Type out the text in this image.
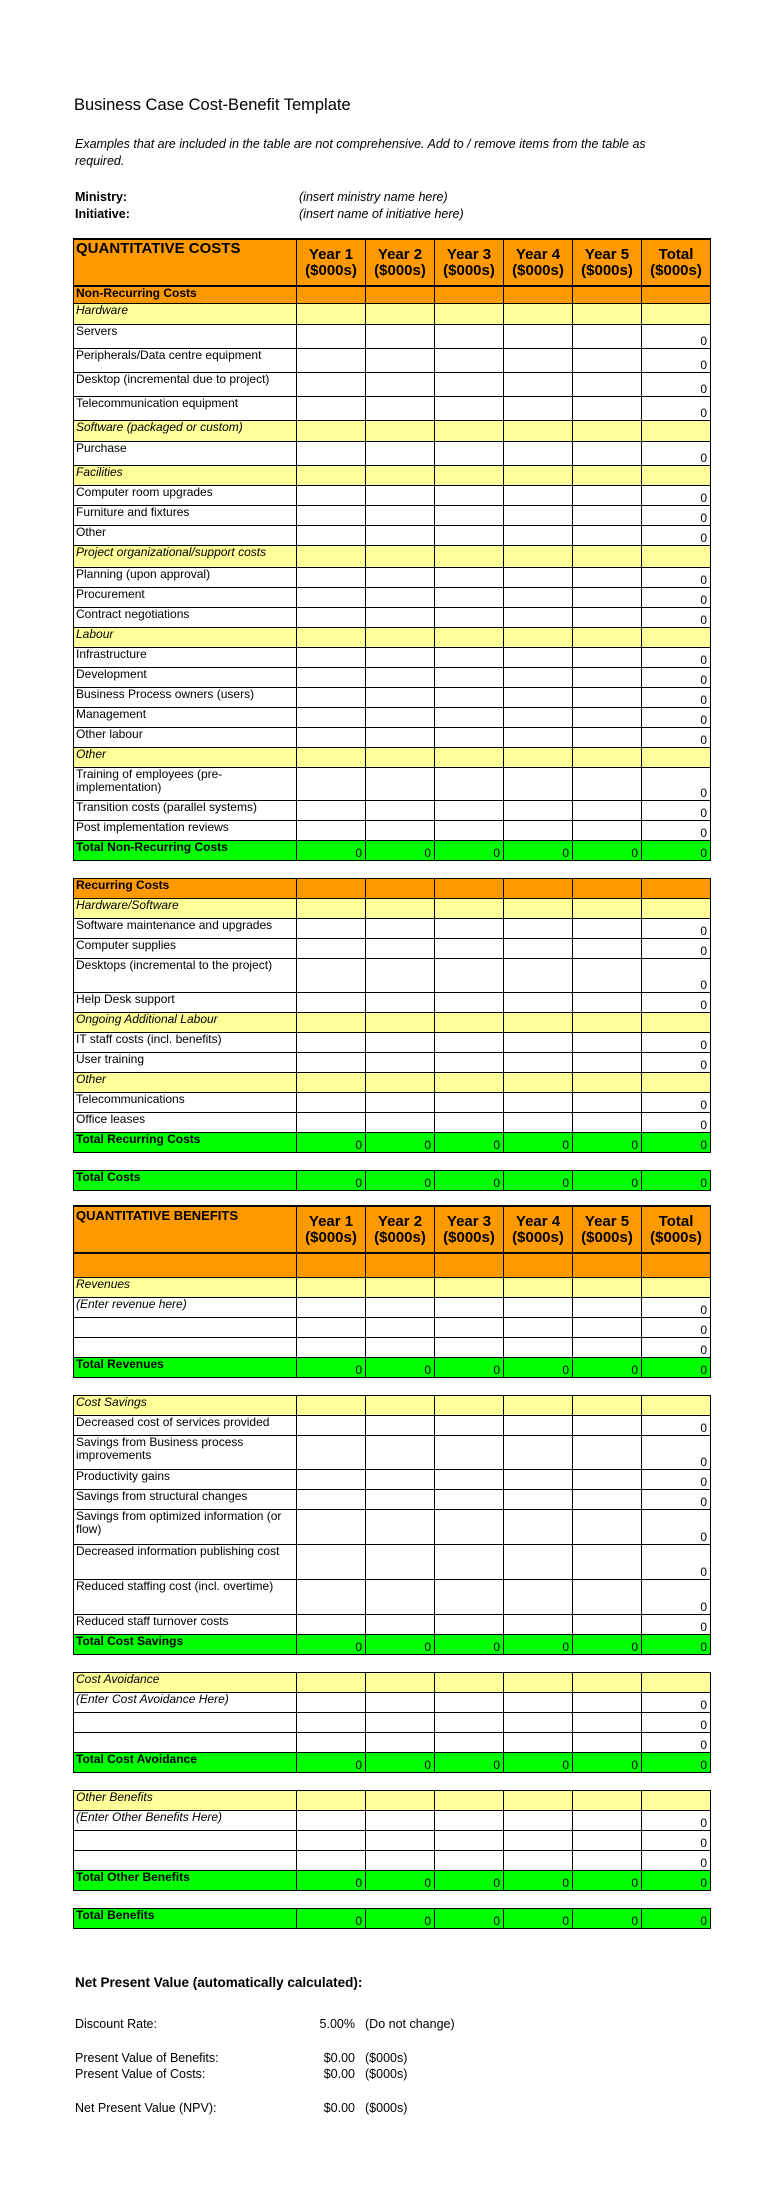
Business Case Cost-Benefit Template
Examples that are included in the table are not comprehensive. Add to / remove items from the table as required.
Ministry:	(insert ministry name here)
Initiative:	(insert name of initiative here)
QUANTITATIVE COSTS	Year 1 ($000s)	Year 2 ($000s)	Year 3 ($000s)	Year 4 ($000s)	Year 5 ($000s)	Total ($000s)
Non-Recurring Costs						
Hardware						
Servers						0
Peripherals/Data centre equipment						0
Desktop (incremental due to project)						0
Telecommunication equipment						0
Software (packaged or custom)						
Purchase						0
Facilities						
Computer room upgrades						0
Furniture and fixtures						0
Other						0
Project organizational/support costs						
Planning (upon approval)						0
Procurement						0
Contract negotiations						0
Labour						
Infrastructure						0
Development						0
Business Process owners (users)						0
Management						0
Other labour						0
Other						
Training of employees (pre-implementation)						0
Transition costs (parallel systems)						0
Post implementation reviews						0
Total Non-Recurring Costs	0	0	0	0	0	0

Recurring Costs						
Hardware/Software						
Software maintenance and upgrades						0
Computer supplies						0
Desktops (incremental to the project)						0
Help Desk support						0
Ongoing Additional Labour						
IT staff costs (incl. benefits)						0
User training						0
Other						
Telecommunications						0
Office leases						0
Total Recurring Costs	0	0	0	0	0	0

Total Costs	0	0	0	0	0	0

QUANTITATIVE BENEFITS	Year 1 ($000s)	Year 2 ($000s)	Year 3 ($000s)	Year 4 ($000s)	Year 5 ($000s)	Total ($000s)

Revenues						
(Enter revenue here)						0
						0
						0
Total Revenues	0	0	0	0	0	0

Cost Savings						
Decreased cost of services provided						0
Savings from Business process improvements						0
Productivity gains						0
Savings from structural changes						0
Savings from optimized information (or flow)						0
Decreased information publishing cost						0
Reduced staffing cost (incl. overtime)						0
Reduced staff turnover costs						0
Total Cost Savings	0	0	0	0	0	0

Cost Avoidance						
(Enter Cost Avoidance Here)						0
						0
						0
Total Cost Avoidance	0	0	0	0	0	0

Other Benefits						
(Enter Other Benefits Here)						0
						0
						0
Total Other Benefits	0	0	0	0	0	0

Total Benefits	0	0	0	0	0	0
Net Present Value (automatically calculated):
Discount Rate:	5.00% (Do not change)
Present Value of Benefits:	$0.00 ($000s)
Present Value of Costs:	$0.00 ($000s)
Net Present Value (NPV):	$0.00 ($000s)
